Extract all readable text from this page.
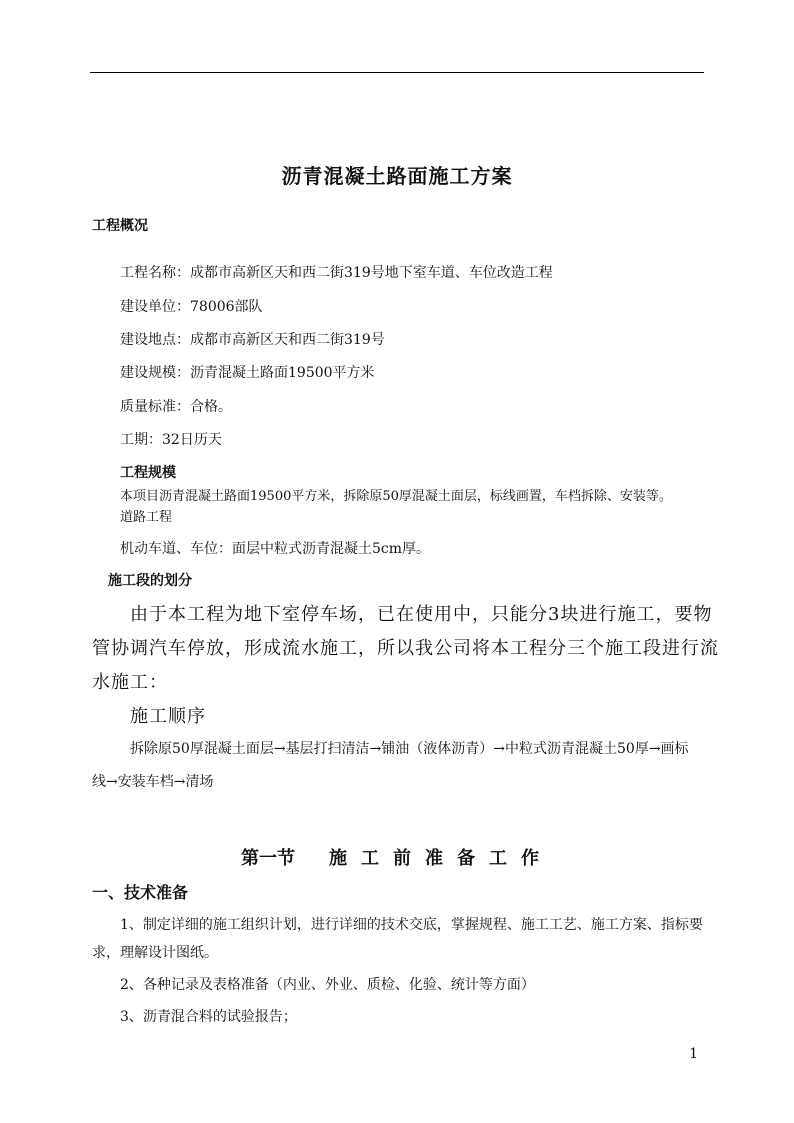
沥青混凝土路面施工方案
工程概况
工程名称：成都市高新区天和西二街319号地下室车道、车位改造工程
建设单位：78006部队
建设地点：成都市高新区天和西二街319号
建设规模：沥青混凝土路面19500平方米
质量标准：合格。
工期：32日历天
工程规模
本项目沥青混凝土路面19500平方米，拆除原50厚混凝土面层，标线画置，车档拆除、安装等。
道路工程
机动车道、车位：面层中粒式沥青混凝土5cm厚。
施工段的划分
由于本工程为地下室停车场，已在使用中，只能分3块进行施工，要物
管协调汽车停放，形成流水施工，所以我公司将本工程分三个施工段进行流
水施工：
施工顺序
拆除原50厚混凝土面层→基层打扫清洁→铺油（液体沥青）→中粒式沥青混凝土50厚→画标
线→安装车档→清场
第一节 施工前准备工作
一、技术准备
1、制定详细的施工组织计划，进行详细的技术交底，掌握规程、施工工艺、施工方案、指标要
求，理解设计图纸。
2、各种记录及表格准备（内业、外业、质检、化验、统计等方面）
3、沥青混合料的试验报告；
1
